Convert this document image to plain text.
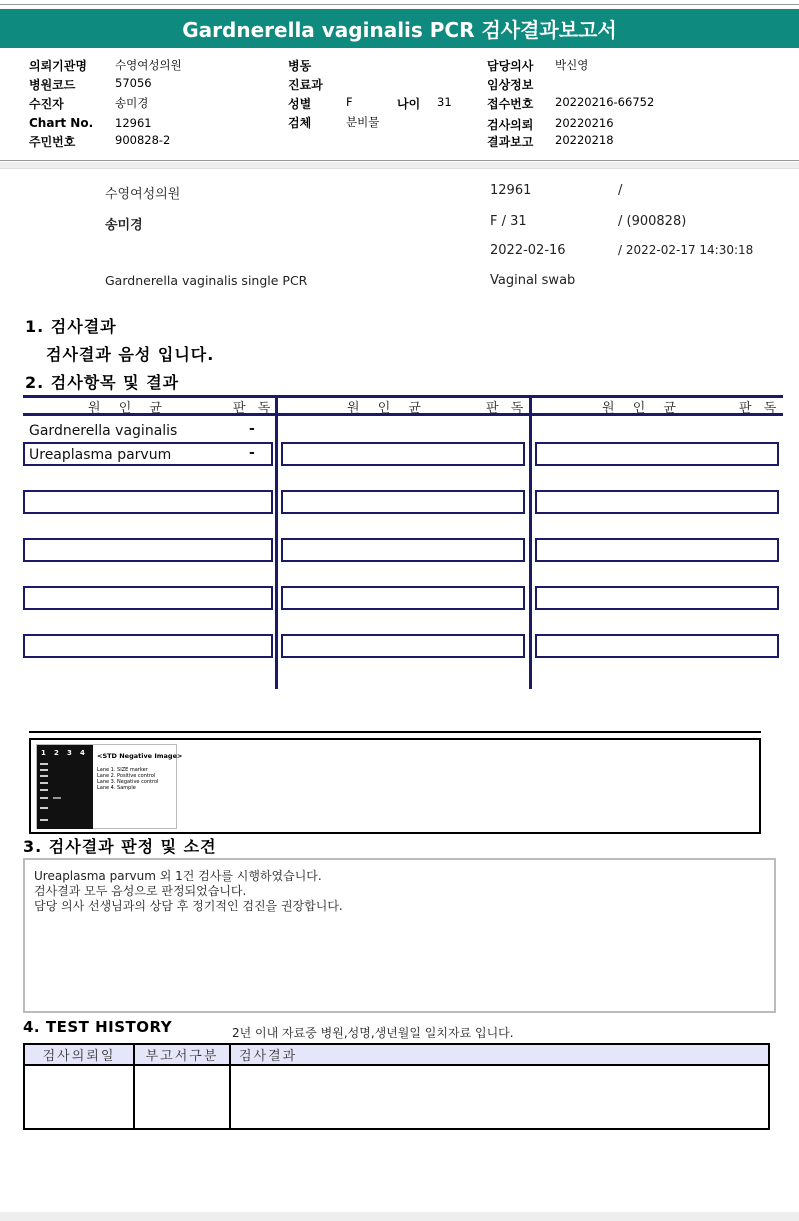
Gardnerella vaginalis PCR 검사결과보고서
의뢰기관명 수영여성의원
병원코드	57056
수진자	송미경
Chart No. 12961
주민번호	900828-2
병동
진료과
성별	F	나이 31
검체	분비물
담당의사 박신영
임상정보
접수번호 20220216-66752
검사의뢰 20220216
결과보고 20220218
수영여성의원	12961	/
송미경	F / 31	/ (900828)
2022-02-16	/ 2022-02-17 14:30:18
Gardnerella vaginalis single PCR	Vaginal swab
1. 검사결과
검사결과 음성 입니다.
2. 검사항목 및 결과
원 인 균	판 독	원 인 균	판 독	원 인 균	판 독
Gardnerella vaginalis	-
Ureaplasma parvum	-
1 2 3 4 <STD Negative Image>
Lane 1. SIZE marker
Lane 2. Positive control
Lane 3. Negative control
Lane 4. Sample
3. 검사결과 판정 및 소견
Ureaplasma parvum 외 1건 검사를 시행하였습니다.
검사결과 모두 음성으로 판정되었습니다.
담당 의사 선생님과의 상담 후 정기적인 검진을 권장합니다.
4. TEST HISTORY	2년 이내 자료중 병원,성명,생년월일 일치자료 입니다.
검사의뢰일	부고서구분	검사결과
